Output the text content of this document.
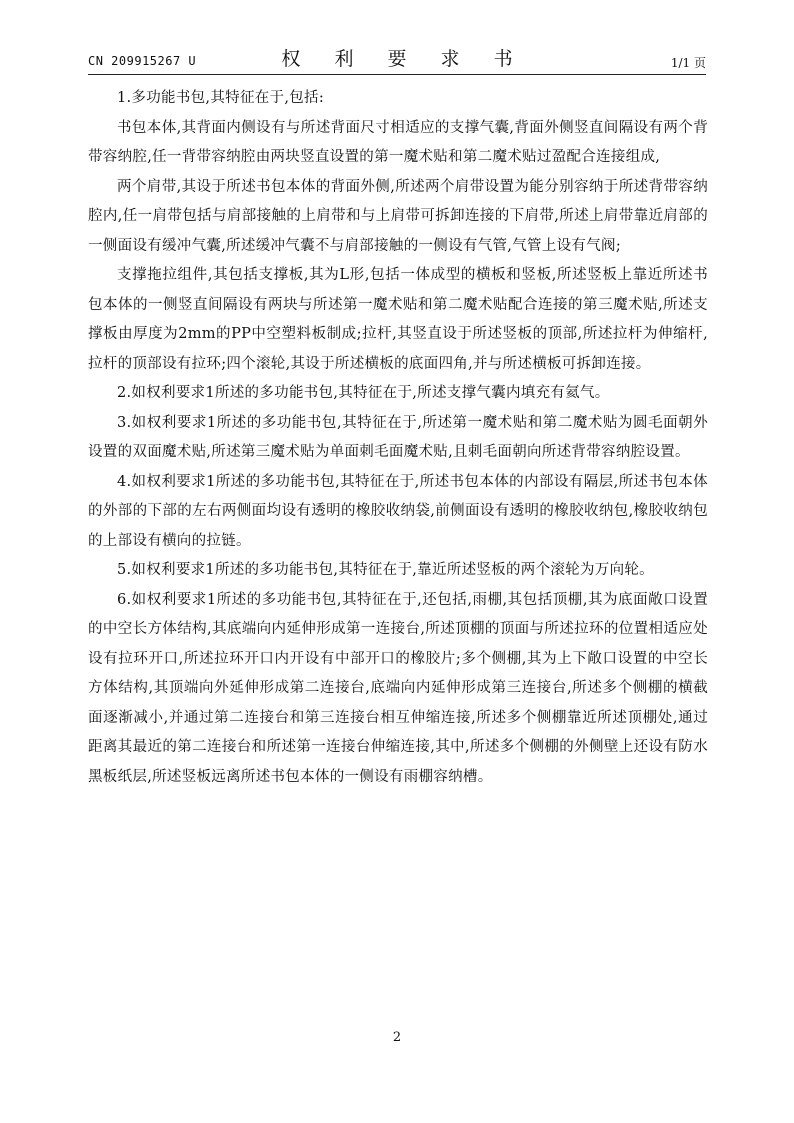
CN 209915267 U	权 利 要 求 书	1/1 页

1.多功能书包,其特征在于,包括:

书包本体,其背面内侧设有与所述背面尺寸相适应的支撑气囊,背面外侧竖直间隔设有两个背带容纳腔,任一背带容纳腔由两块竖直设置的第一魔术贴和第二魔术贴过盈配合连接组成,

两个肩带,其设于所述书包本体的背面外侧,所述两个肩带设置为能分别容纳于所述背带容纳腔内,任一肩带包括与肩部接触的上肩带和与上肩带可拆卸连接的下肩带,所述上肩带靠近肩部的一侧面设有缓冲气囊,所述缓冲气囊不与肩部接触的一侧设有气管,气管上设有气阀;

支撑拖拉组件,其包括支撑板,其为L形,包括一体成型的横板和竖板,所述竖板上靠近所述书包本体的一侧竖直间隔设有两块与所述第一魔术贴和第二魔术贴配合连接的第三魔术贴,所述支撑板由厚度为2mm的PP中空塑料板制成;拉杆,其竖直设于所述竖板的顶部,所述拉杆为伸缩杆,拉杆的顶部设有拉环;四个滚轮,其设于所述横板的底面四角,并与所述横板可拆卸连接。

2.如权利要求1所述的多功能书包,其特征在于,所述支撑气囊内填充有氦气。

3.如权利要求1所述的多功能书包,其特征在于,所述第一魔术贴和第二魔术贴为圆毛面朝外设置的双面魔术贴,所述第三魔术贴为单面刺毛面魔术贴,且刺毛面朝向所述背带容纳腔设置。

4.如权利要求1所述的多功能书包,其特征在于,所述书包本体的内部设有隔层,所述书包本体的外部的下部的左右两侧面均设有透明的橡胶收纳袋,前侧面设有透明的橡胶收纳包,橡胶收纳包的上部设有横向的拉链。

5.如权利要求1所述的多功能书包,其特征在于,靠近所述竖板的两个滚轮为万向轮。

6.如权利要求1所述的多功能书包,其特征在于,还包括,雨棚,其包括顶棚,其为底面敞口设置的中空长方体结构,其底端向内延伸形成第一连接台,所述顶棚的顶面与所述拉环的位置相适应处设有拉环开口,所述拉环开口内开设有中部开口的橡胶片;多个侧棚,其为上下敞口设置的中空长方体结构,其顶端向外延伸形成第二连接台,底端向内延伸形成第三连接台,所述多个侧棚的横截面逐渐减小,并通过第二连接台和第三连接台相互伸缩连接,所述多个侧棚靠近所述顶棚处,通过距离其最近的第二连接台和所述第一连接台伸缩连接,其中,所述多个侧棚的外侧壁上还设有防水黑板纸层,所述竖板远离所述书包本体的一侧设有雨棚容纳槽。

2
